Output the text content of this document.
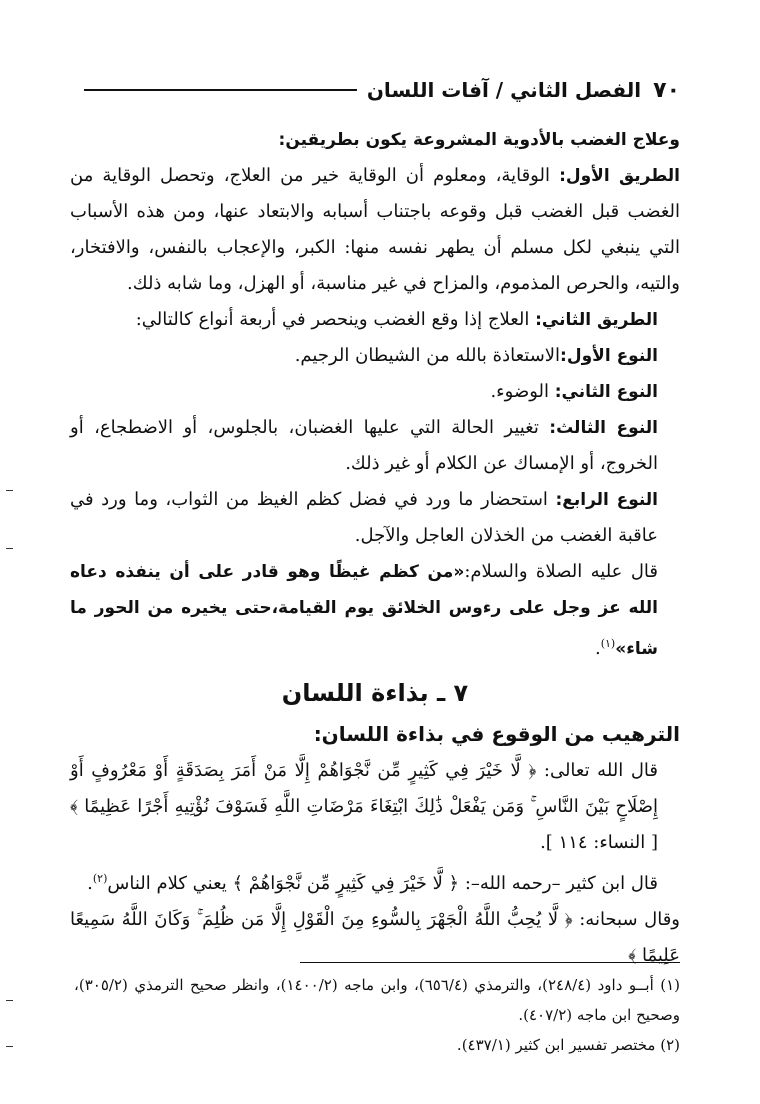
٧٠
الفصل الثاني / آفات اللسان

وعلاج الغضب بالأدوية المشروعة يكون بطريقين:

الطريق الأول: الوقاية، ومعلوم أن الوقاية خير من العلاج، وتحصل الوقاية من الغضب قبل الغضب قبل وقوعه باجتناب أسبابه والابتعاد عنها، ومن هذه الأسباب التي ينبغي لكل مسلم أن يطهر نفسه منها: الكبر، والإعجاب بالنفس، والافتخار، والتيه، والحرص المذموم، والمزاح في غير مناسبة، أو الهزل، وما شابه ذلك.

الطريق الثاني: العلاج إذا وقع الغضب وينحصر في أربعة أنواع كالتالي:

النوع الأول:الاستعاذة بالله من الشيطان الرجيم.

النوع الثاني: الوضوء.

النوع الثالث: تغيير الحالة التي عليها الغضبان، بالجلوس، أو الاضطجاع، أو الخروج، أو الإمساك عن الكلام أو غير ذلك.

النوع الرابع: استحضار ما ورد في فضل كظم الغيظ من الثواب، وما ورد في عاقبة الغضب من الخذلان العاجل والآجل.

قال عليه الصلاة والسلام:«من كظم غيظًا وهو قادر على أن ينفذه دعاه الله عز وجل على رءوس الخلائق يوم القيامة،حتى يخيره من الحور ما شاء»$^{(١)}$.

٧ ـ بذاءة اللسان
الترهيب من الوقوع في بذاءة اللسان:

قال الله تعالى: ﴿ لَّا خَيْرَ فِي كَثِيرٍ مِّن نَّجْوَاهُمْ إِلَّا مَنْ أَمَرَ بِصَدَقَةٍ أَوْ مَعْرُوفٍ أَوْ إِصْلَاحٍ بَيْنَ النَّاسِ ۚ وَمَن يَفْعَلْ ذَٰلِكَ ابْتِغَاءَ مَرْضَاتِ اللَّهِ فَسَوْفَ نُؤْتِيهِ أَجْرًا عَظِيمًا ﴾ [ النساء: ١١٤ ].

قال ابن كثير –رحمه الله–: ﴿ لَّا خَيْرَ فِي كَثِيرٍ مِّن نَّجْوَاهُمْ ﴾ يعني كلام الناس$^{(٢)}$.

وقال سبحانه: ﴿ لَّا يُحِبُّ اللَّهُ الْجَهْرَ بِالسُّوءِ مِنَ الْقَوْلِ إِلَّا مَن ظُلِمَ ۚ وَكَانَ اللَّهُ سَمِيعًا عَلِيمًا ﴾

(١) أبــو داود (٢٤٨/٤)، والترمذي (٦٥٦/٤)، وابن ماجه (١٤٠٠/٢)، وانظر صحيح الترمذي (٣٠٥/٢)، وصحيح ابن ماجه (٤٠٧/٢).

(٢) مختصر تفسير ابن كثير (٤٣٧/١).
